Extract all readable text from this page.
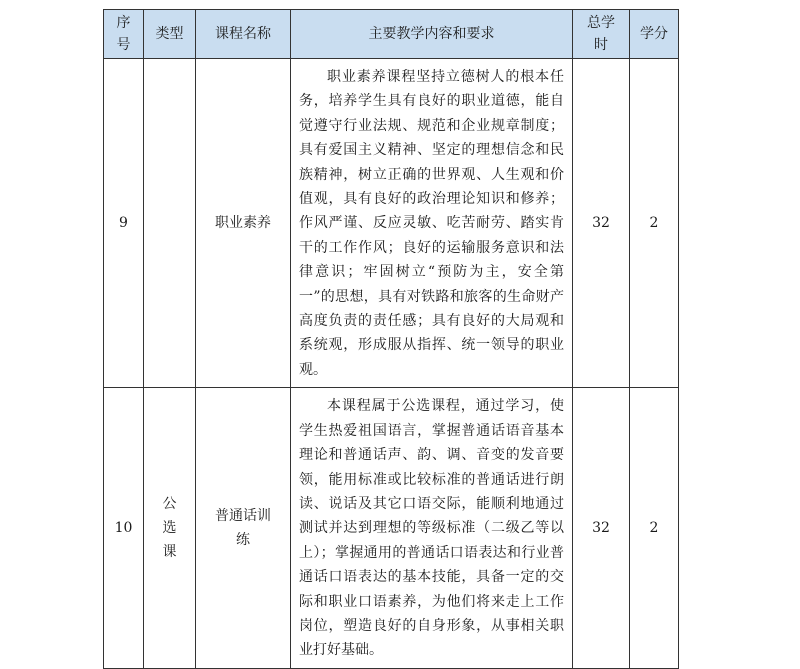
序号	类型	课程名称	主要教学内容和要求	总学时	学分
9		职业素养	职业素养课程坚持立德树人的根本任务，培养学生具有良好的职业道德，能自觉遵守行业法规、规范和企业规章制度；具有爱国主义精神、坚定的理想信念和民族精神，树立正确的世界观、人生观和价值观，具有良好的政治理论知识和修养；作风严谨、反应灵敏、吃苦耐劳、踏实肯干的工作作风；良好的运输服务意识和法律意识；牢固树立“预防为主，安全第一”的思想，具有对铁路和旅客的生命财产高度负责的责任感；具有良好的大局观和系统观，形成服从指挥、统一领导的职业观。	32	2
10	公选课	普通话训练	本课程属于公选课程，通过学习，使学生热爱祖国语言，掌握普通话语音基本理论和普通话声、韵、调、音变的发音要领，能用标准或比较标准的普通话进行朗读、说话及其它口语交际，能顺利地通过测试并达到理想的等级标准（二级乙等以上）；掌握通用的普通话口语表达和行业普通话口语表达的基本技能，具备一定的交际和职业口语素养，为他们将来走上工作岗位，塑造良好的自身形象，从事相关职业打好基础。	32	2
